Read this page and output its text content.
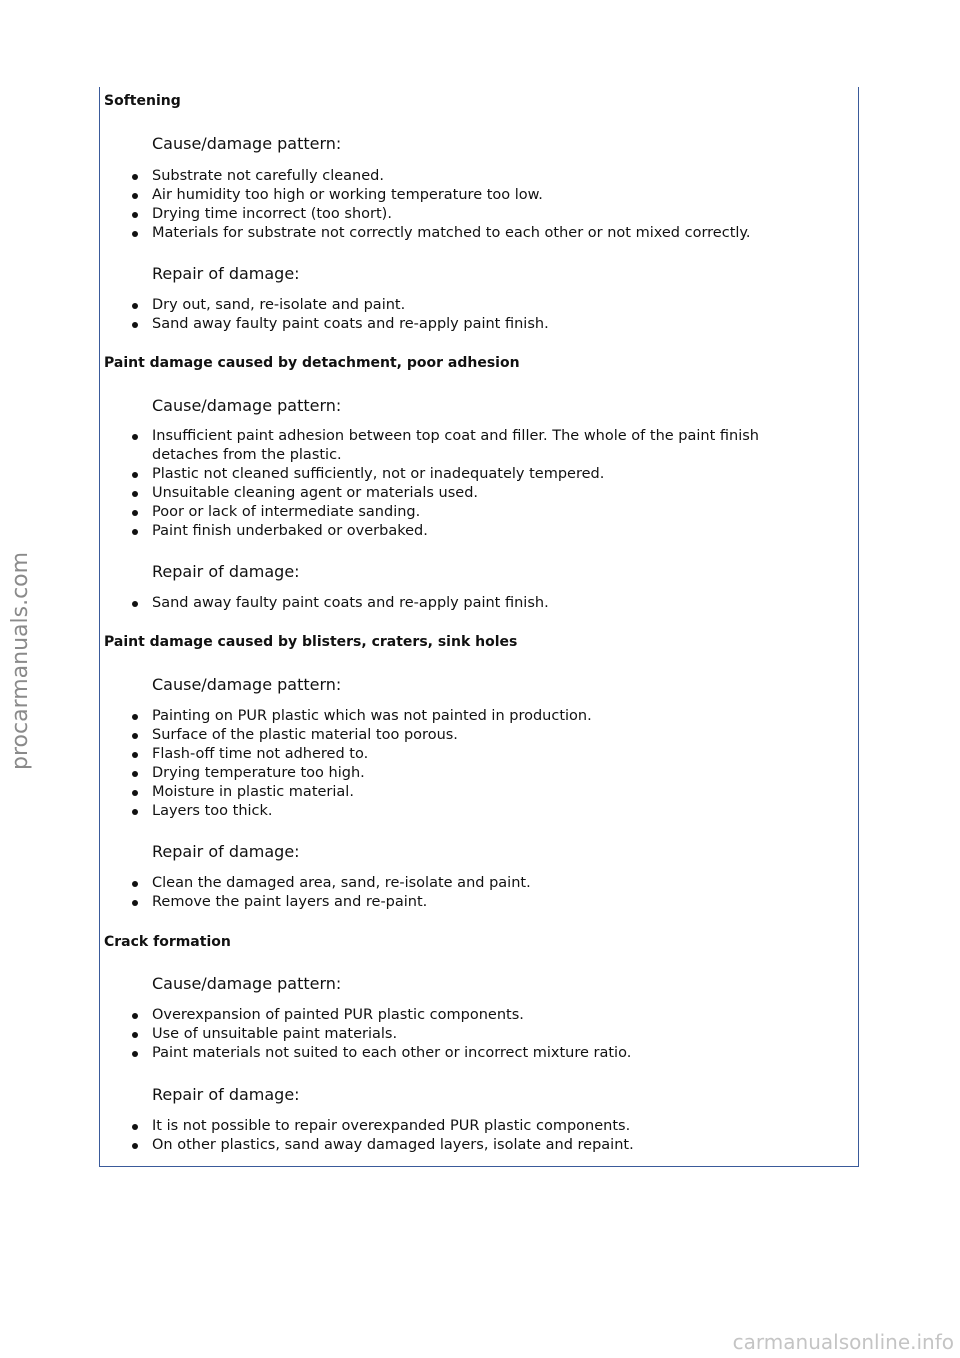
Softening

Cause/damage pattern:

Substrate not carefully cleaned.
Air humidity too high or working temperature too low.
Drying time incorrect (too short).
Materials for substrate not correctly matched to each other or not mixed correctly.

Repair of damage:

Dry out, sand, re-isolate and paint.
Sand away faulty paint coats and re-apply paint finish.

Paint damage caused by detachment, poor adhesion

Cause/damage pattern:

Insufficient paint adhesion between top coat and filler. The whole of the paint finish detaches from the plastic.
Plastic not cleaned sufficiently, not or inadequately tempered.
Unsuitable cleaning agent or materials used.
Poor or lack of intermediate sanding.
Paint finish underbaked or overbaked.

Repair of damage:

Sand away faulty paint coats and re-apply paint finish.

Paint damage caused by blisters, craters, sink holes

Cause/damage pattern:

Painting on PUR plastic which was not painted in production.
Surface of the plastic material too porous.
Flash-off time not adhered to.
Drying temperature too high.
Moisture in plastic material.
Layers too thick.

Repair of damage:

Clean the damaged area, sand, re-isolate and paint.
Remove the paint layers and re-paint.

Crack formation

Cause/damage pattern:

Overexpansion of painted PUR plastic components.
Use of unsuitable paint materials.
Paint materials not suited to each other or incorrect mixture ratio.

Repair of damage:

It is not possible to repair overexpanded PUR plastic components.
On other plastics, sand away damaged layers, isolate and repaint.
procarmanuals.com
carmanualsonline.info
